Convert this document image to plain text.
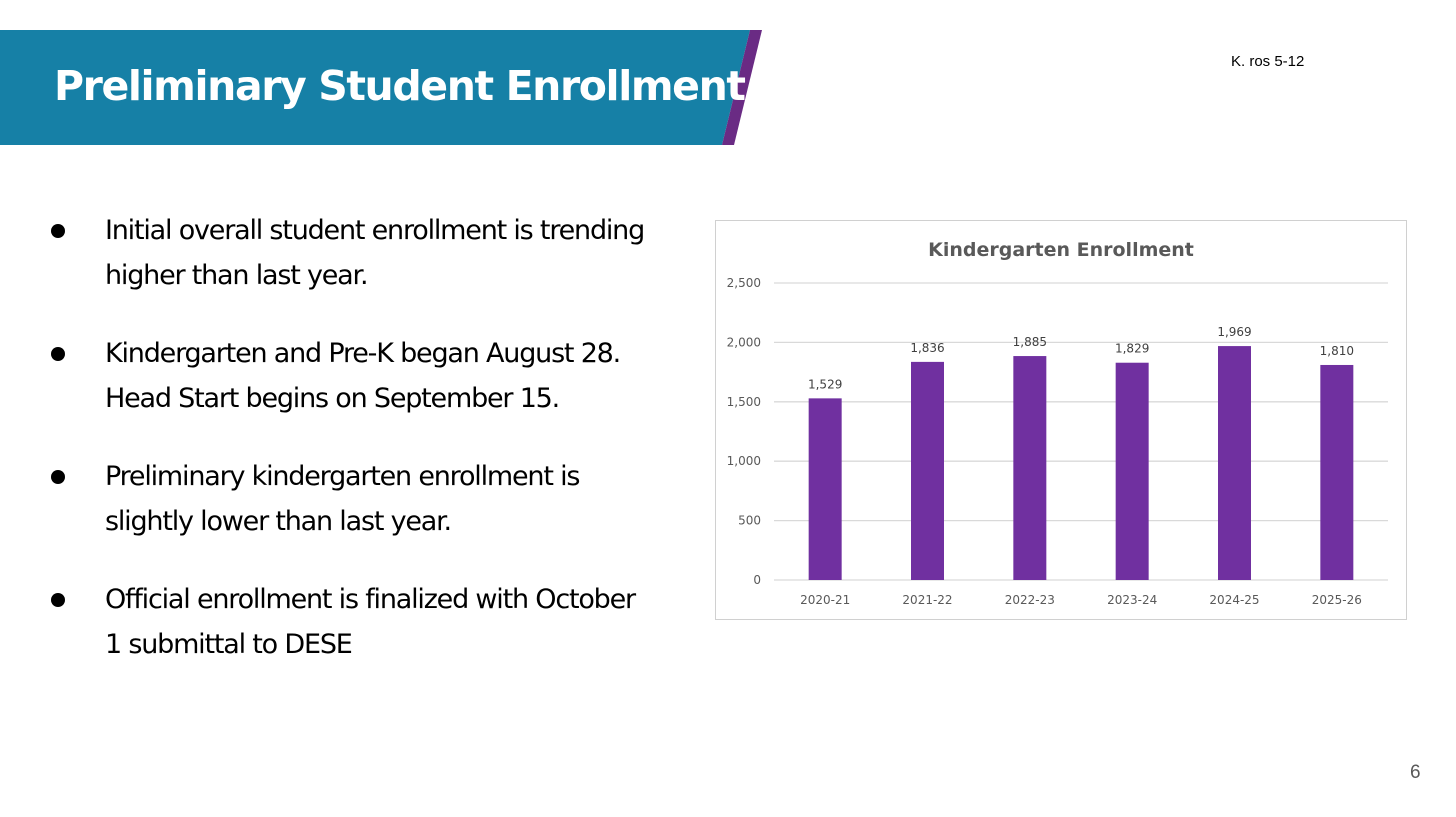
Preliminary Student Enrollment
K. ros 5-12
Initial overall student enrollment is trending higher than last year.
Kindergarten and Pre-K began August 28. Head Start begins on September 15.
Preliminary kindergarten enrollment is slightly lower than last year.
Official enrollment is finalized with October 1 submittal to DESE
Kindergarten Enrollment
0
500
1,000
1,500
2,000
2,500
1,529
2020-21
1,836
2021-22
1,885
2022-23
1,829
2023-24
1,969
2024-25
1,810
2025-26
6
